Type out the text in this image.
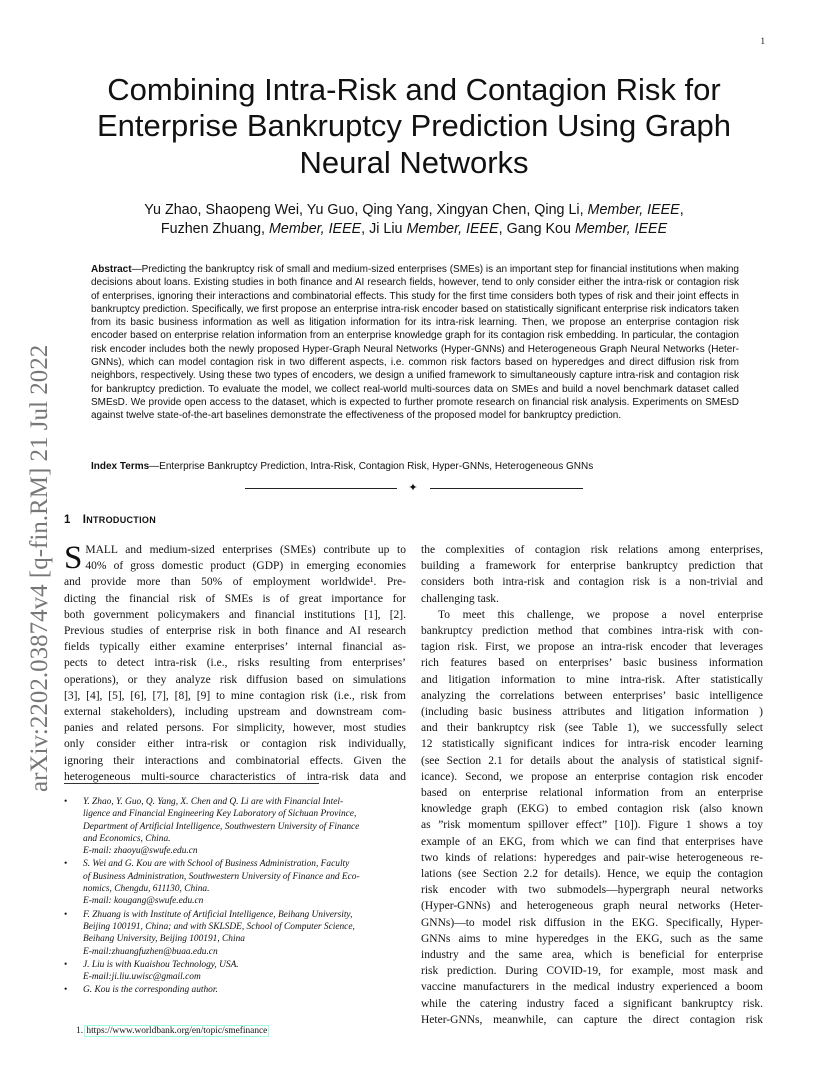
1
arXiv:2202.03874v4 [q-fin.RM] 21 Jul 2022
Combining Intra-Risk and Contagion Risk for
Enterprise Bankruptcy Prediction Using Graph
Neural Networks
Yu Zhao, Shaopeng Wei, Yu Guo, Qing Yang, Xingyan Chen, Qing Li, Member, IEEE,
Fuzhen Zhuang, Member, IEEE, Ji Liu Member, IEEE, Gang Kou Member, IEEE
Abstract—Predicting the bankruptcy risk of small and medium-sized enterprises (SMEs) is an important step for financial institutions when making decisions about loans. Existing studies in both finance and AI research fields, however, tend to only consider either the intra-risk or contagion risk of enterprises, ignoring their interactions and combinatorial effects. This study for the first time considers both types of risk and their joint effects in bankruptcy prediction. Specifically, we first propose an enterprise intra-risk encoder based on statistically significant enterprise risk indicators taken from its basic business information as well as litigation information for its intra-risk learning. Then, we propose an enterprise contagion risk encoder based on enterprise relation information from an enterprise knowledge graph for its contagion risk embedding. In particular, the contagion risk encoder includes both the newly proposed Hyper-Graph Neural Networks (Hyper-GNNs) and Heterogeneous Graph Neural Networks (Heter-GNNs), which can model contagion risk in two different aspects, i.e. common risk factors based on hyperedges and direct diffusion risk from neighbors, respectively. Using these two types of encoders, we design a unified framework to simultaneously capture intra-risk and contagion risk for bankruptcy prediction. To evaluate the model, we collect real-world multi-sources data on SMEs and build a novel benchmark dataset called SMEsD. We provide open access to the dataset, which is expected to further promote research on financial risk analysis. Experiments on SMEsD against twelve state-of-the-art baselines demonstrate the effectiveness of the proposed model for bankruptcy prediction.
Index Terms—Enterprise Bankruptcy Prediction, Intra-Risk, Contagion Risk, Hyper-GNNs, Heterogeneous GNNs
✦
1 INTRODUCTION
S MALL and medium-sized enterprises (SMEs) contribute up to
40% of gross domestic product (GDP) in emerging economies
and provide more than 50% of employment worldwide¹. Pre-
dicting the financial risk of SMEs is of great importance for
both government policymakers and financial institutions [1], [2].
Previous studies of enterprise risk in both finance and AI research
fields typically either examine enterprises’ internal financial as-
pects to detect intra-risk (i.e., risks resulting from enterprises’
operations), or they analyze risk diffusion based on simulations
[3], [4], [5], [6], [7], [8], [9] to mine contagion risk (i.e., risk from
external stakeholders), including upstream and downstream com-
panies and related persons. For simplicity, however, most studies
only consider either intra-risk or contagion risk individually,
ignoring their interactions and combinatorial effects. Given the
heterogeneous multi-source characteristics of intra-risk data and
• Y. Zhao, Y. Guo, Q. Yang, X. Chen and Q. Li are with Financial Intel-
ligence and Financial Engineering Key Laboratory of Sichuan Province,
Department of Artificial Intelligence, Southwestern University of Finance
and Economics, China.
E-mail: zhaoyu@swufe.edu.cn
• S. Wei and G. Kou are with School of Business Administration, Faculty
of Business Administration, Southwestern University of Finance and Eco-
nomics, Chengdu, 611130, China.
E-mail: kougang@swufe.edu.cn
• F. Zhuang is with Institute of Artificial Intelligence, Beihang University,
Beijing 100191, China; and with SKLSDE, School of Computer Science,
Beihang University, Beijing 100191, China
E-mail:zhuangfuzhen@buaa.edu.cn
• J. Liu is with Kuaishou Technology, USA.
E-mail:ji.liu.uwisc@gmail.com
• G. Kou is the corresponding author.
1. https://www.worldbank.org/en/topic/smefinance
the complexities of contagion risk relations among enterprises,
building a framework for enterprise bankruptcy prediction that
considers both intra-risk and contagion risk is a non-trivial and
challenging task.
To meet this challenge, we propose a novel enterprise
bankruptcy prediction method that combines intra-risk with con-
tagion risk. First, we propose an intra-risk encoder that leverages
rich features based on enterprises’ basic business information
and litigation information to mine intra-risk. After statistically
analyzing the correlations between enterprises’ basic intelligence
(including basic business attributes and litigation information )
and their bankruptcy risk (see Table 1), we successfully select
12 statistically significant indices for intra-risk encoder learning
(see Section 2.1 for details about the analysis of statistical signif-
icance). Second, we propose an enterprise contagion risk encoder
based on enterprise relational information from an enterprise
knowledge graph (EKG) to embed contagion risk (also known
as ”risk momentum spillover effect” [10]). Figure 1 shows a toy
example of an EKG, from which we can find that enterprises have
two kinds of relations: hyperedges and pair-wise heterogeneous re-
lations (see Section 2.2 for details). Hence, we equip the contagion
risk encoder with two submodels—hypergraph neural networks
(Hyper-GNNs) and heterogeneous graph neural networks (Heter-
GNNs)—to model risk diffusion in the EKG. Specifically, Hyper-
GNNs aims to mine hyperedges in the EKG, such as the same
industry and the same area, which is beneficial for enterprise
risk prediction. During COVID-19, for example, most mask and
vaccine manufacturers in the medical industry experienced a boom
while the catering industry faced a significant bankruptcy risk.
Heter-GNNs, meanwhile, can capture the direct contagion risk
